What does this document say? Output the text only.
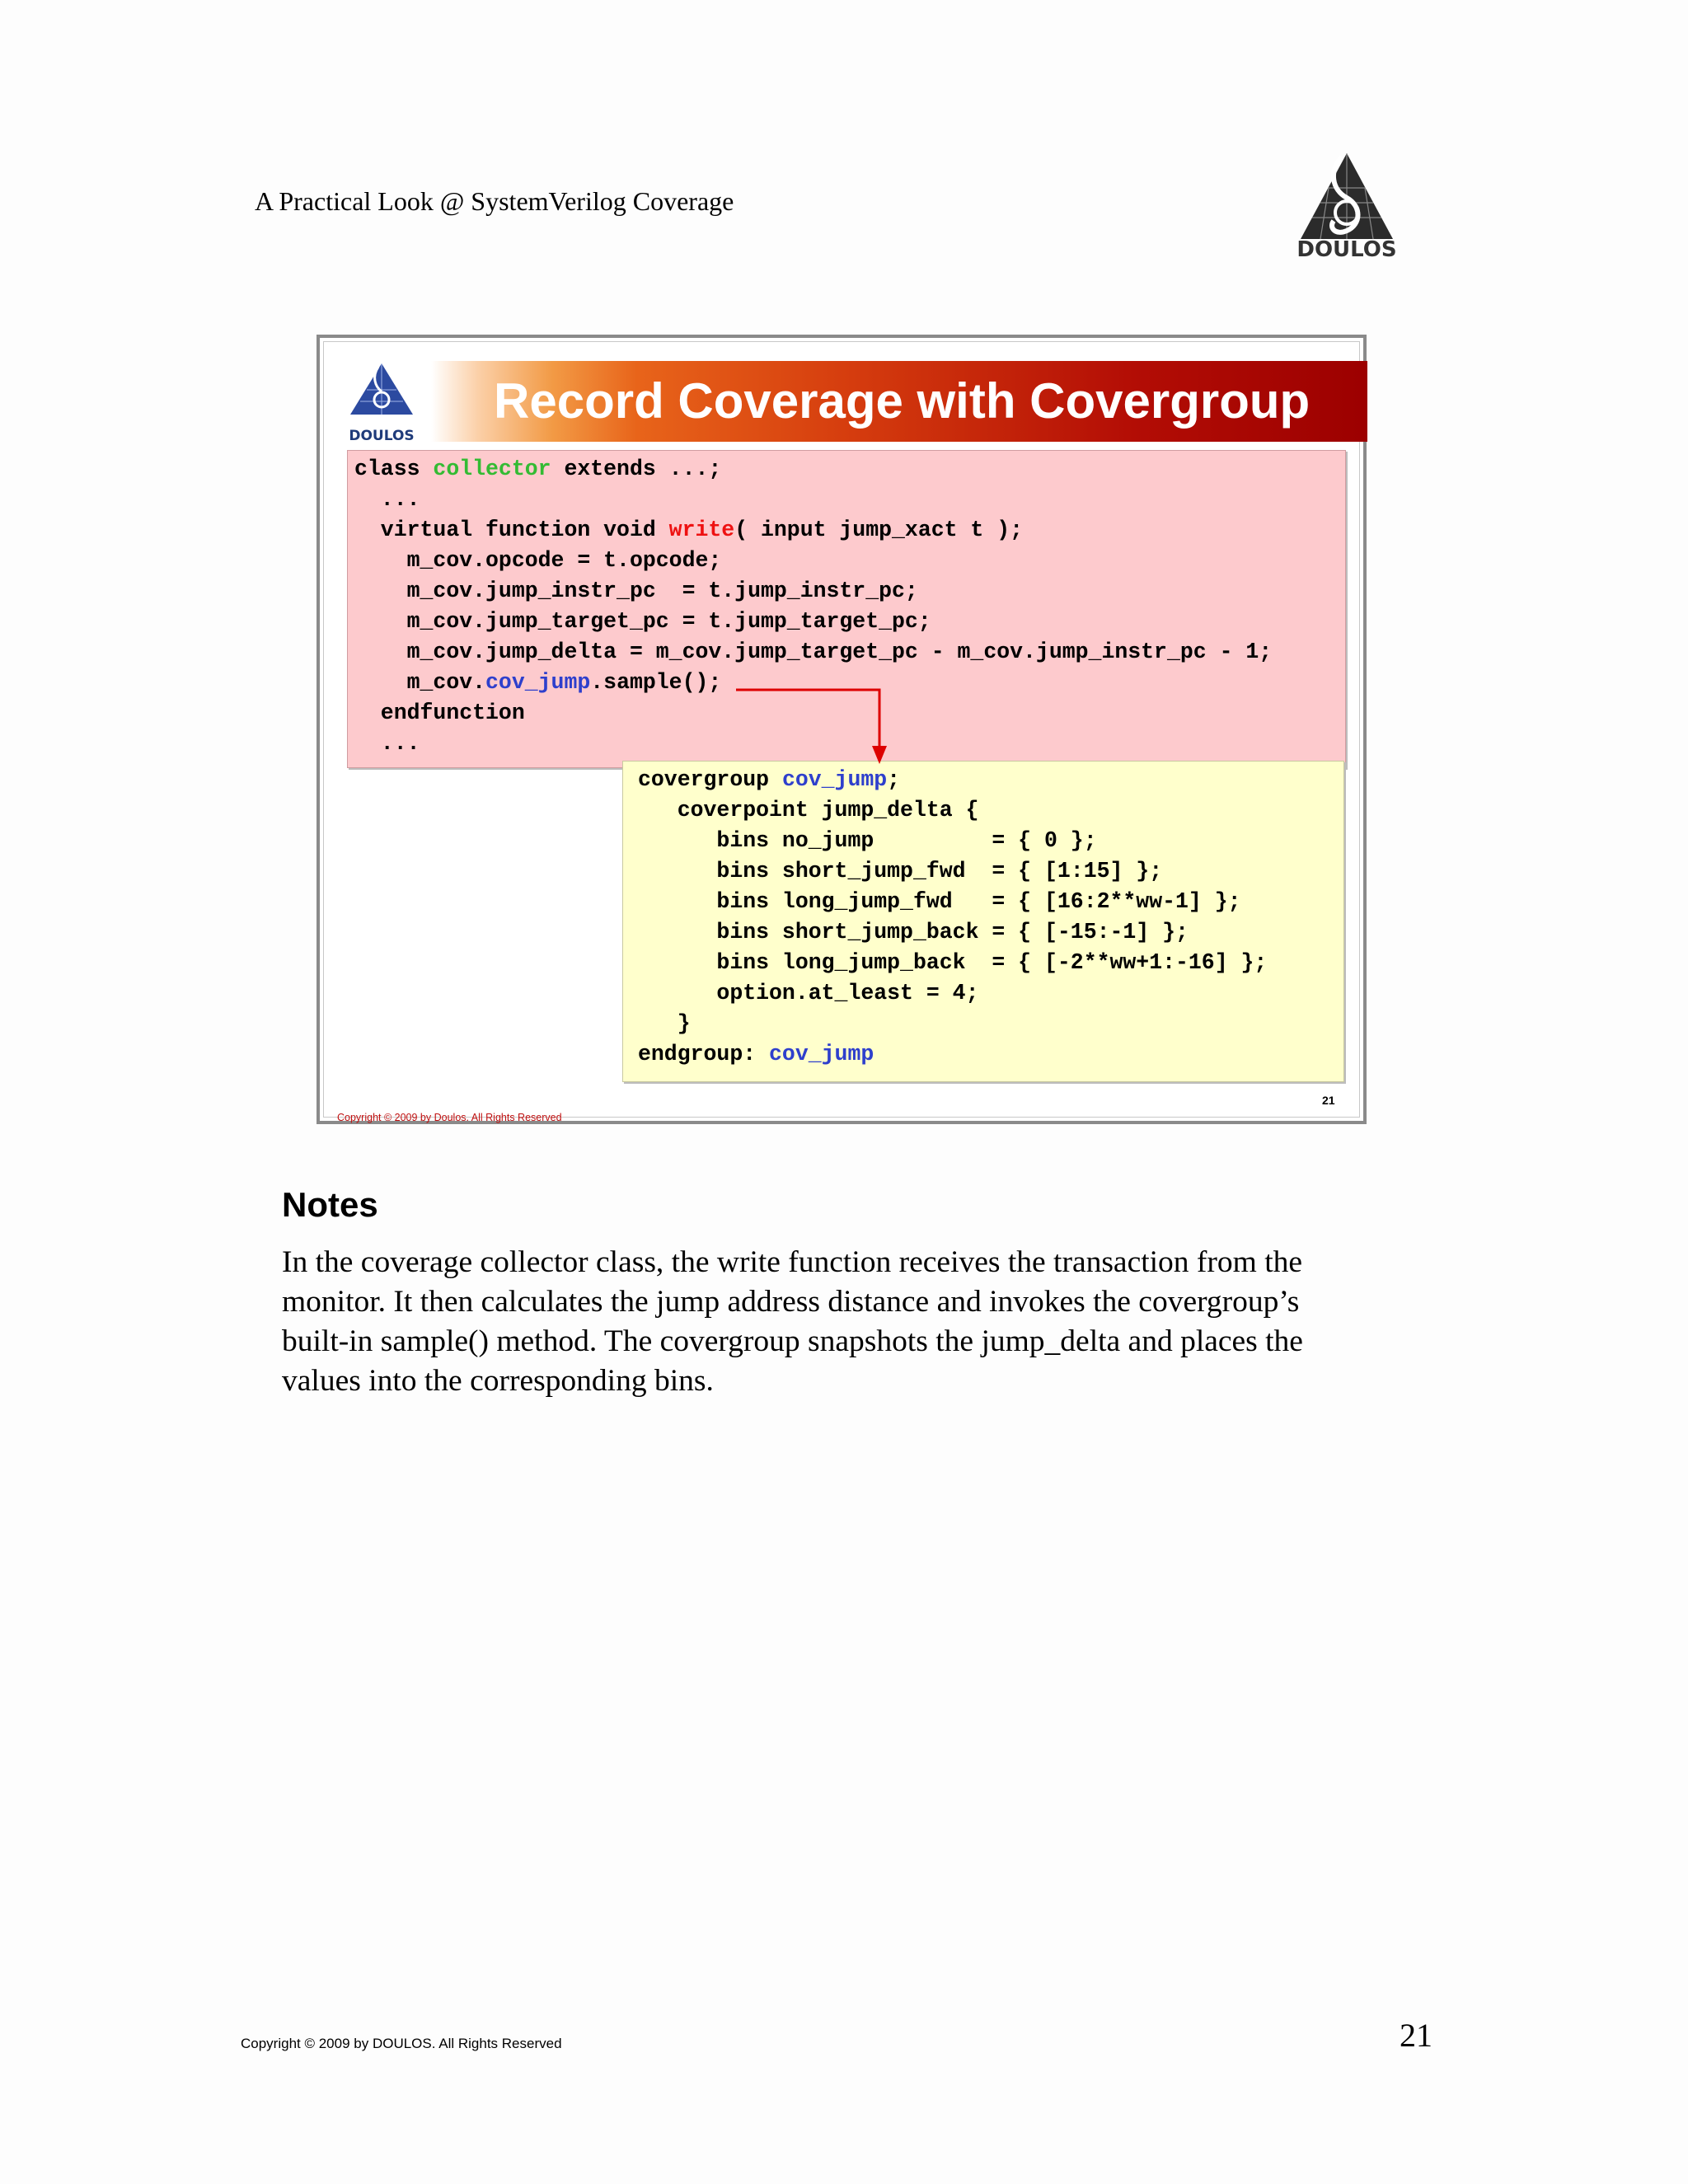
A Practical Look @ SystemVerilog Coverage
DOULOS
DOULOS
Record Coverage with Covergroup
class collector extends ...;
...
virtual function void write( input jump_xact t );
m_cov.opcode = t.opcode;
m_cov.jump_instr_pc  = t.jump_instr_pc;
m_cov.jump_target_pc = t.jump_target_pc;
m_cov.jump_delta = m_cov.jump_target_pc - m_cov.jump_instr_pc - 1;
m_cov.cov_jump.sample();
endfunction
...
covergroup cov_jump;
coverpoint jump_delta {
bins no_jump         = { 0 };
bins short_jump_fwd  = { [1:15] };
bins long_jump_fwd   = { [16:2**ww-1] };
bins short_jump_back = { [-15:-1] };
bins long_jump_back  = { [-2**ww+1:-16] };
option.at_least = 4;
}
endgroup: cov_jump
21
Copyright © 2009 by Doulos. All Rights Reserved
Notes
In the coverage collector class, the write function receives the transaction from the
monitor. It then calculates the jump address distance and invokes the covergroup’s
built-in sample() method. The covergroup snapshots the jump_delta and places the
values into the corresponding bins.
Copyright © 2009 by DOULOS. All Rights Reserved	21
